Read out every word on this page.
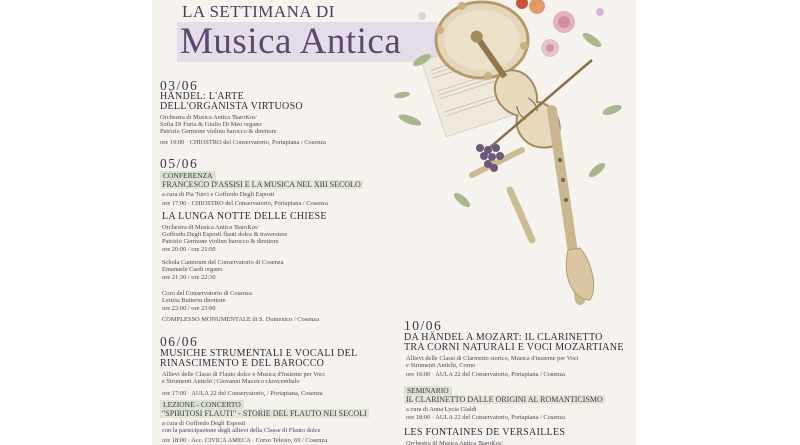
LA SETTIMANA DI
Musica Antica
03/06
HÄNDEL: L'ARTE
DELL'ORGANISTA VIRTUOSO
Orchestra di Musica Antica 'BaroKos'
Sofia Di Furia & Giulio Di Meo organo
Patrizio Germone violino barocco & direttore
ore 19:00 · CHIOSTRO del Conservatorio, Portapiana / Cosenza
05/06
CONFERENZA
FRANCESCO D'ASSISI E LA MUSICA NEL XIII SECOLO
a cura di Pia Turci e Goffredo Degli Esposti
ore 17:00 · CHIOSTRO del Conservatorio, Portapiana / Cosenza
LA LUNGA NOTTE DELLE CHIESE
Orchestra di Musica Antica 'BaroKos'
Goffredo Degli Esposti flauti dolce & traversiere
Patrizio Germone violino barocco & direttore
ore 20:00 / ore 21:00
Schola Cantorum del Conservatorio di Cosenza
Emanuele Cardi organo
ore 21:30 / ore 22:30
Coro del Conservatorio di Cosenza
Letizia Butterin direttore
ore 22:00 / ore 23:00
COMPLESSO MONUMENTALE di S. Domenico / Cosenza
06/06
MUSICHE STRUMENTALI E VOCALI DEL
RINASCIMENTO E DEL BAROCCO
Allievi delle Classi di Flauto dolce e Musica d'Insieme per Voci
e Strumenti Antichi | Giovanni Mazzico clavicembalo
ore 17:00 · AULA 22 del Conservatorio, / Portapiana, Cosenza
LEZIONE - CONCERTO
"SPIRITOSI FLAUTI" - STORIE DEL FLAUTO NEI SECOLI
a cura di Goffredo Degli Esposti
con la partecipazione degli allievi della Classe di Flauto dolce
ore 18:00 · Acc. CIVICA AMECA · Corso Telesio, 69 / Cosenza
10/06
DA HÄNDEL A MOZART: IL CLARINETTO
TRA CORNI NATURALI E VOCI MOZARTIANE
Allievi delle Classi di Clarinetto storico, Musica d'insieme per Voci
e Strumenti Antichi, Corno
ore 16:00 · AULA 22 del Conservatorio, Portapiana / Cosenza
SEMINARIO
IL CLARINETTO DALLE ORIGINI AL ROMANTICISMO
a cura di Anna Lycia Gialdi
ore 18:00 · AULA 22 del Conservatorio, Portapiana / Cosenza
LES FONTAINES DE VERSAILLES
Orchestra di Musica Antica 'BaroKos'
